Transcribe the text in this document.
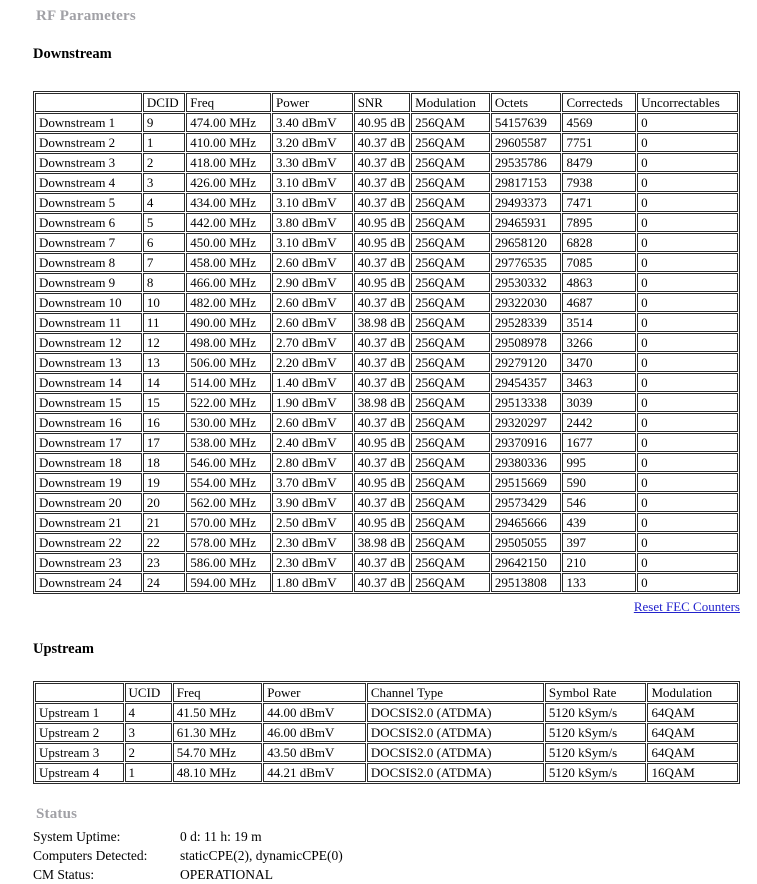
RF Parameters
Downstream
	DCID	Freq	Power	SNR	Modulation	Octets	Correcteds	Uncorrectables
Downstream 1	9	474.00 MHz	3.40 dBmV	40.95 dB	256QAM	54157639	4569	0
Downstream 2	1	410.00 MHz	3.20 dBmV	40.37 dB	256QAM	29605587	7751	0
Downstream 3	2	418.00 MHz	3.30 dBmV	40.37 dB	256QAM	29535786	8479	0
Downstream 4	3	426.00 MHz	3.10 dBmV	40.37 dB	256QAM	29817153	7938	0
Downstream 5	4	434.00 MHz	3.10 dBmV	40.37 dB	256QAM	29493373	7471	0
Downstream 6	5	442.00 MHz	3.80 dBmV	40.95 dB	256QAM	29465931	7895	0
Downstream 7	6	450.00 MHz	3.10 dBmV	40.95 dB	256QAM	29658120	6828	0
Downstream 8	7	458.00 MHz	2.60 dBmV	40.37 dB	256QAM	29776535	7085	0
Downstream 9	8	466.00 MHz	2.90 dBmV	40.95 dB	256QAM	29530332	4863	0
Downstream 10	10	482.00 MHz	2.60 dBmV	40.37 dB	256QAM	29322030	4687	0
Downstream 11	11	490.00 MHz	2.60 dBmV	38.98 dB	256QAM	29528339	3514	0
Downstream 12	12	498.00 MHz	2.70 dBmV	40.37 dB	256QAM	29508978	3266	0
Downstream 13	13	506.00 MHz	2.20 dBmV	40.37 dB	256QAM	29279120	3470	0
Downstream 14	14	514.00 MHz	1.40 dBmV	40.37 dB	256QAM	29454357	3463	0
Downstream 15	15	522.00 MHz	1.90 dBmV	38.98 dB	256QAM	29513338	3039	0
Downstream 16	16	530.00 MHz	2.60 dBmV	40.37 dB	256QAM	29320297	2442	0
Downstream 17	17	538.00 MHz	2.40 dBmV	40.95 dB	256QAM	29370916	1677	0
Downstream 18	18	546.00 MHz	2.80 dBmV	40.37 dB	256QAM	29380336	995	0
Downstream 19	19	554.00 MHz	3.70 dBmV	40.95 dB	256QAM	29515669	590	0
Downstream 20	20	562.00 MHz	3.90 dBmV	40.37 dB	256QAM	29573429	546	0
Downstream 21	21	570.00 MHz	2.50 dBmV	40.95 dB	256QAM	29465666	439	0
Downstream 22	22	578.00 MHz	2.30 dBmV	38.98 dB	256QAM	29505055	397	0
Downstream 23	23	586.00 MHz	2.30 dBmV	40.37 dB	256QAM	29642150	210	0
Downstream 24	24	594.00 MHz	1.80 dBmV	40.37 dB	256QAM	29513808	133	0
Reset FEC Counters
Upstream
	UCID	Freq	Power	Channel Type	Symbol Rate	Modulation
Upstream 1	4	41.50 MHz	44.00 dBmV	DOCSIS2.0 (ATDMA)	5120 kSym/s	64QAM
Upstream 2	3	61.30 MHz	46.00 dBmV	DOCSIS2.0 (ATDMA)	5120 kSym/s	64QAM
Upstream 3	2	54.70 MHz	43.50 dBmV	DOCSIS2.0 (ATDMA)	5120 kSym/s	64QAM
Upstream 4	1	48.10 MHz	44.21 dBmV	DOCSIS2.0 (ATDMA)	5120 kSym/s	16QAM
Status
System Uptime:	0 d: 11 h: 19 m
Computers Detected: staticCPE(2), dynamicCPE(0)
CM Status:	OPERATIONAL
